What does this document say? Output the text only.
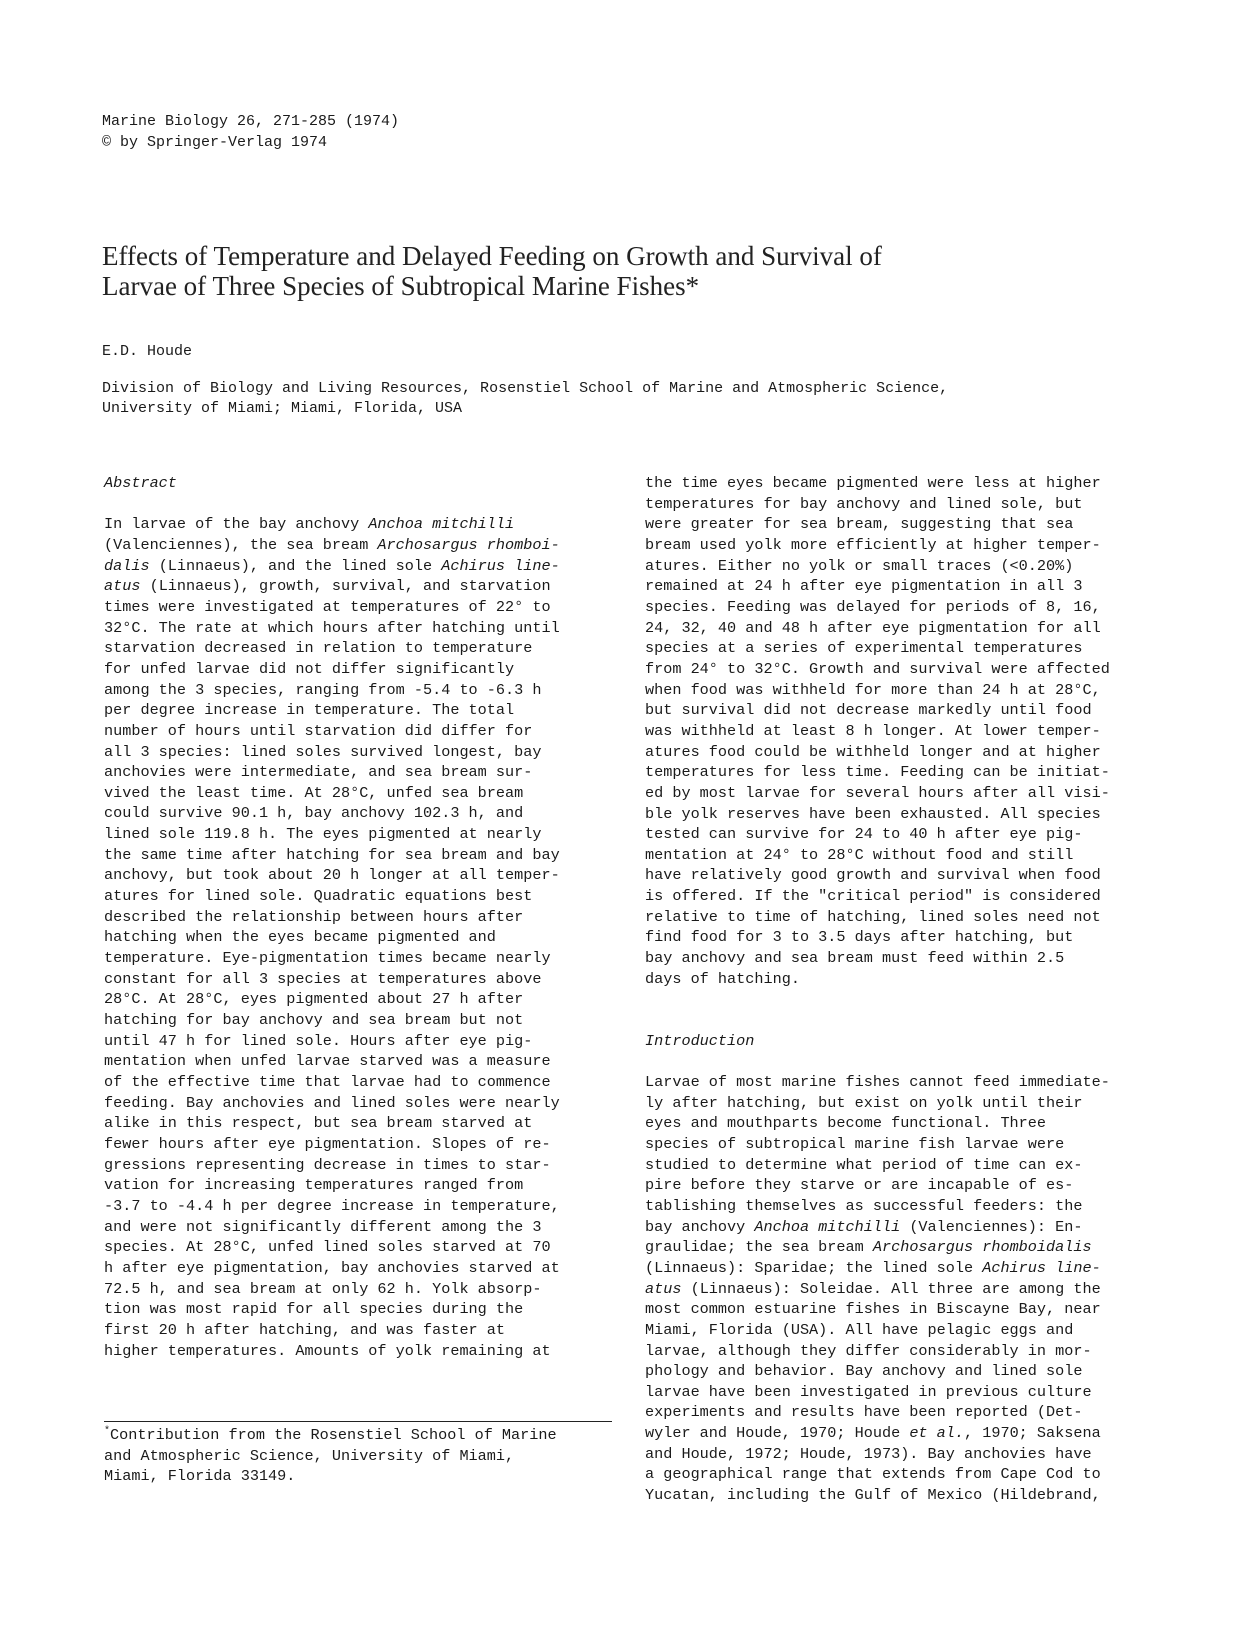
Marine Biology 26, 271-285 (1974)
© by Springer-Verlag 1974
Effects of Temperature and Delayed Feeding on Growth and Survival of
Larvae of Three Species of Subtropical Marine Fishes*
E.D. Houde
Division of Biology and Living Resources, Rosenstiel School of Marine and Atmospheric Science,
University of Miami; Miami, Florida, USA
Abstract
In larvae of the bay anchovy Anchoa mitchilli
(Valenciennes), the sea bream Archosargus rhomboi-
dalis (Linnaeus), and the lined sole Achirus line-
atus (Linnaeus), growth, survival, and starvation
times were investigated at temperatures of 22° to
32°C. The rate at which hours after hatching until
starvation decreased in relation to temperature
for unfed larvae did not differ significantly
among the 3 species, ranging from -5.4 to -6.3 h
per degree increase in temperature. The total
number of hours until starvation did differ for
all 3 species: lined soles survived longest, bay
anchovies were intermediate, and sea bream sur-
vived the least time. At 28°C, unfed sea bream
could survive 90.1 h, bay anchovy 102.3 h, and
lined sole 119.8 h. The eyes pigmented at nearly
the same time after hatching for sea bream and bay
anchovy, but took about 20 h longer at all temper-
atures for lined sole. Quadratic equations best
described the relationship between hours after
hatching when the eyes became pigmented and
temperature. Eye-pigmentation times became nearly
constant for all 3 species at temperatures above
28°C. At 28°C, eyes pigmented about 27 h after
hatching for bay anchovy and sea bream but not
until 47 h for lined sole. Hours after eye pig-
mentation when unfed larvae starved was a measure
of the effective time that larvae had to commence
feeding. Bay anchovies and lined soles were nearly
alike in this respect, but sea bream starved at
fewer hours after eye pigmentation. Slopes of re-
gressions representing decrease in times to star-
vation for increasing temperatures ranged from
-3.7 to -4.4 h per degree increase in temperature,
and were not significantly different among the 3
species. At 28°C, unfed lined soles starved at 70
h after eye pigmentation, bay anchovies starved at
72.5 h, and sea bream at only 62 h. Yolk absorp-
tion was most rapid for all species during the
first 20 h after hatching, and was faster at
higher temperatures. Amounts of yolk remaining at
the time eyes became pigmented were less at higher
temperatures for bay anchovy and lined sole, but
were greater for sea bream, suggesting that sea
bream used yolk more efficiently at higher temper-
atures. Either no yolk or small traces (<0.20%)
remained at 24 h after eye pigmentation in all 3
species. Feeding was delayed for periods of 8, 16,
24, 32, 40 and 48 h after eye pigmentation for all
species at a series of experimental temperatures
from 24° to 32°C. Growth and survival were affected
when food was withheld for more than 24 h at 28°C,
but survival did not decrease markedly until food
was withheld at least 8 h longer. At lower temper-
atures food could be withheld longer and at higher
temperatures for less time. Feeding can be initiat-
ed by most larvae for several hours after all visi-
ble yolk reserves have been exhausted. All species
tested can survive for 24 to 40 h after eye pig-
mentation at 24° to 28°C without food and still
have relatively good growth and survival when food
is offered. If the "critical period" is considered
relative to time of hatching, lined soles need not
find food for 3 to 3.5 days after hatching, but
bay anchovy and sea bream must feed within 2.5
days of hatching.
Introduction
Larvae of most marine fishes cannot feed immediate-
ly after hatching, but exist on yolk until their
eyes and mouthparts become functional. Three
species of subtropical marine fish larvae were
studied to determine what period of time can ex-
pire before they starve or are incapable of es-
tablishing themselves as successful feeders: the
bay anchovy Anchoa mitchilli (Valenciennes): En-
graulidae; the sea bream Archosargus rhomboidalis
(Linnaeus): Sparidae; the lined sole Achirus line-
atus (Linnaeus): Soleidae. All three are among the
most common estuarine fishes in Biscayne Bay, near
Miami, Florida (USA). All have pelagic eggs and
larvae, although they differ considerably in mor-
phology and behavior. Bay anchovy and lined sole
larvae have been investigated in previous culture
experiments and results have been reported (Det-
wyler and Houde, 1970; Houde et al., 1970; Saksena
and Houde, 1972; Houde, 1973). Bay anchovies have
a geographical range that extends from Cape Cod to
Yucatan, including the Gulf of Mexico (Hildebrand,
*Contribution from the Rosenstiel School of Marine
and Atmospheric Science, University of Miami,
Miami, Florida 33149.
